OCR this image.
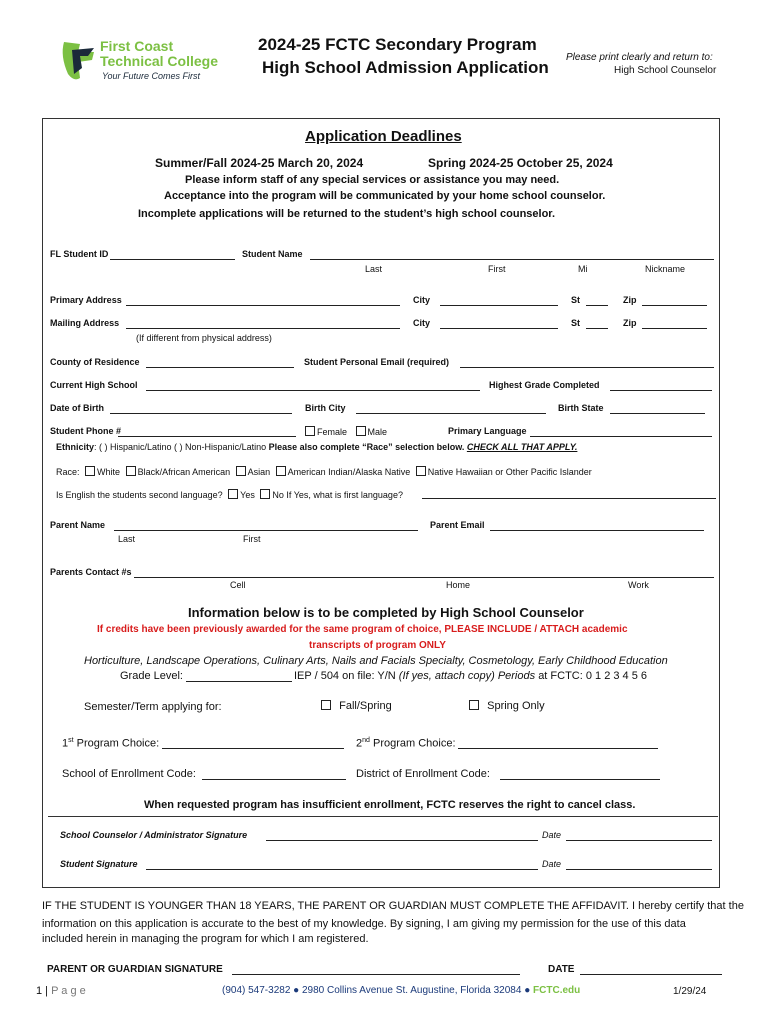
First Coast
Technical College
Your Future Comes First
2024-25 FCTC Secondary Program
High School Admission Application
Please print clearly and return to:
High School Counselor
Application Deadlines
Summer/Fall 2024-25 March 20, 2024	Spring 2024-25 October 25, 2024
Please inform staff of any special services or assistance you may need.
Acceptance into the program will be communicated by your home school counselor.
Incomplete applications will be returned to the student’s high school counselor.
FL Student ID	Student Name
Last	First	Mi	Nickname
Primary Address	City	St	Zip
Mailing Address	City	St	Zip
(If different from physical address)
County of Residence	Student Personal Email (required)
Current High School	Highest Grade Completed
Date of Birth	Birth City	Birth State
Student Phone #	Female Male	Primary Language
Ethnicity: ( ) Hispanic/Latino ( ) Non-Hispanic/Latino Please also complete “Race” selection below. CHECK ALL THAT APPLY.
Race: White Black/African American Asian American Indian/Alaska Native Native Hawaiian or Other Pacific Islander
Is English the students second language? Yes No If Yes, what is first language?
Parent Name	Parent Email
Last	First
Parents Contact #s
Cell	Home	Work
Information below is to be completed by High School Counselor
If credits have been previously awarded for the same program of choice, PLEASE INCLUDE / ATTACH academic
transcripts of program ONLY
Horticulture, Landscape Operations, Culinary Arts, Nails and Facials Specialty, Cosmetology, Early Childhood Education
Grade Level:	IEP / 504 on file: Y/N (If yes, attach copy) Periods at FCTC: 0 1 2 3 4 5 6
Semester/Term applying for:	Fall/Spring	Spring Only
1st Program Choice:	2nd Program Choice:
School of Enrollment Code:	District of Enrollment Code:
When requested program has insufficient enrollment, FCTC reserves the right to cancel class.
School Counselor / Administrator Signature	Date
Student Signature	Date
IF THE STUDENT IS YOUNGER THAN 18 YEARS, THE PARENT OR GUARDIAN MUST COMPLETE THE AFFIDAVIT. I hereby certify that the
information on this application is accurate to the best of my knowledge. By signing, I am giving my permission for the use of this data
included herein in managing the program for which I am registered.
PARENT OR GUARDIAN SIGNATURE	DATE
1 | P a g e	(904) 547-3282 ● 2980 Collins Avenue St. Augustine, Florida 32084 ● FCTC.edu	1/29/24
